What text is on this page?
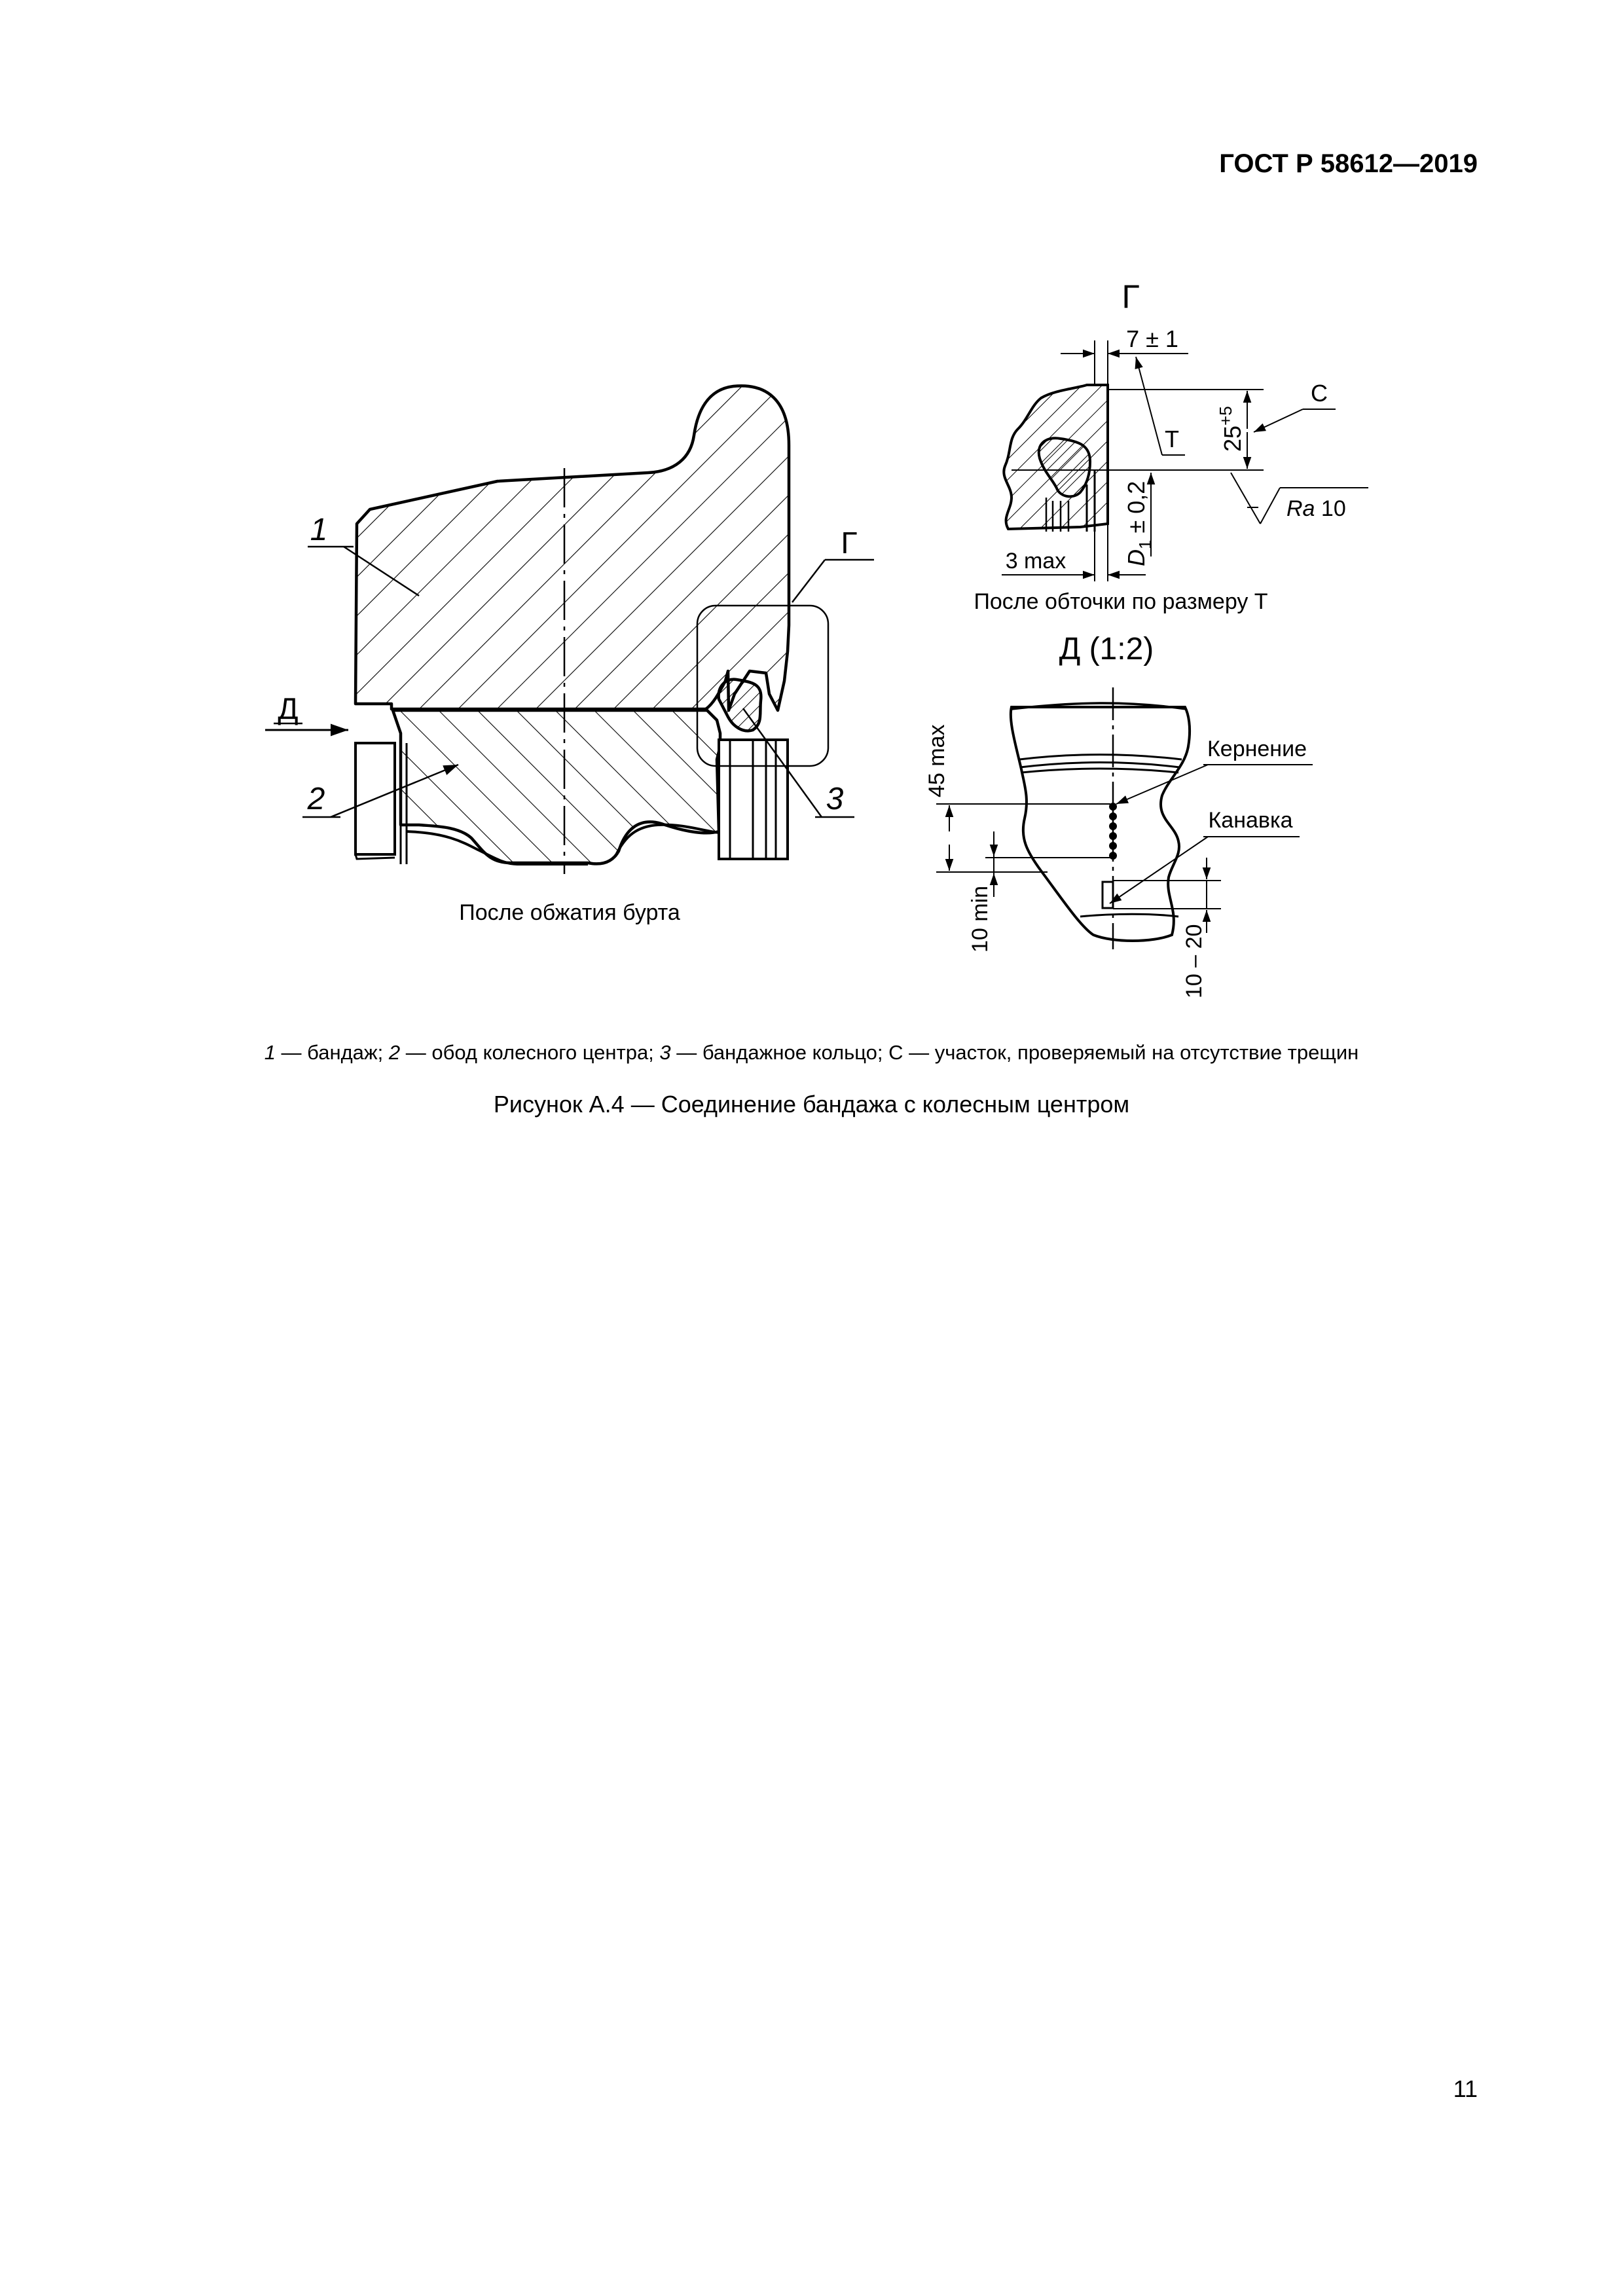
ГОСТ Р 58612—2019
Г
1
2	3
Д
После обжатия бурта
Г
7 ± 1
Т $25^{+5}$
С
Ra 10
$D_1 \pm 0,2$
3 max
После обточки по размеру Т
Д (1:2)
Кернение
Канавка
45 max
10 min
10 – 20
1 — бандаж; 2 — обод колесного центра; 3 — бандажное кольцо; С — участок, проверяемый на отсутствие трещин
Рисунок А.4 — Соединение бандажа с колесным центром
11
